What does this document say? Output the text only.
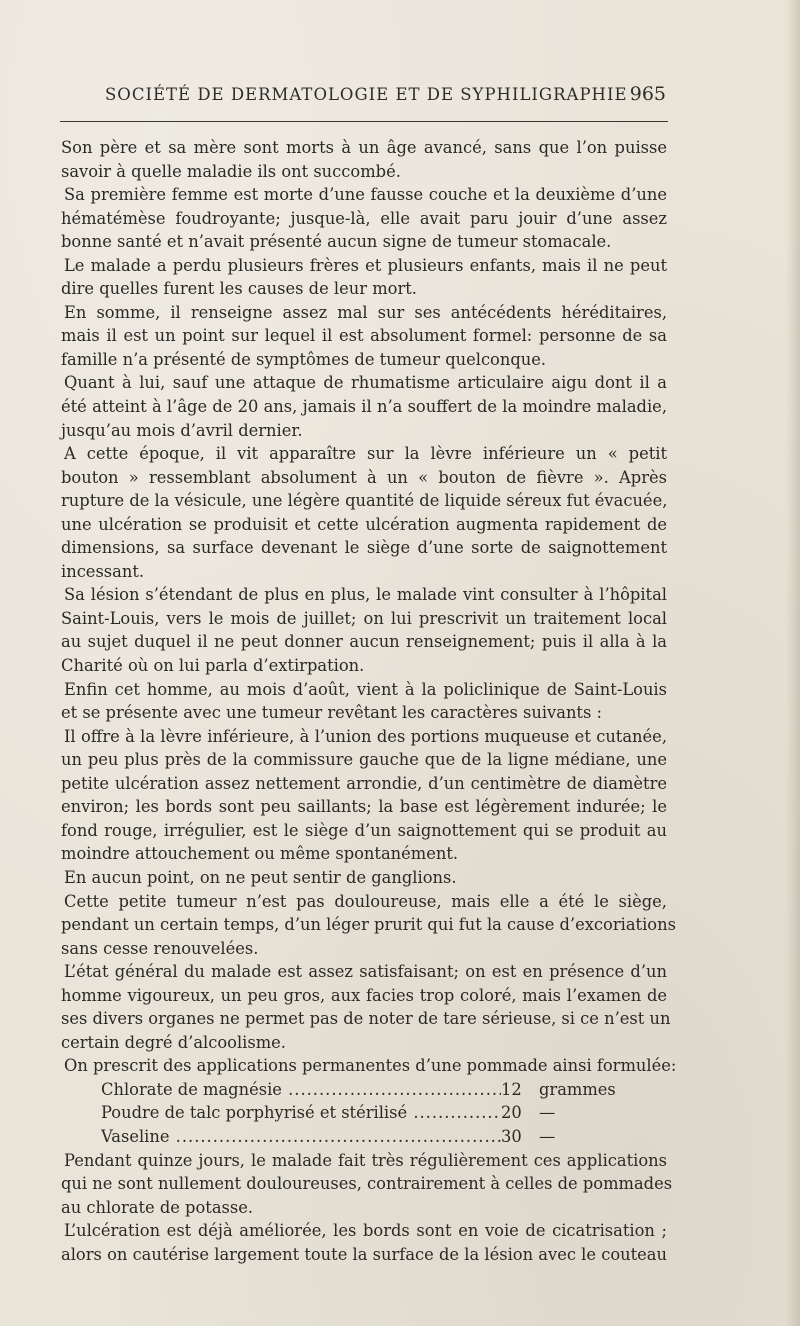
SOCIÉTÉ DE DERMATOLOGIE ET DE SYPHILIGRAPHIE 965

Son père et sa mère sont morts à un âge avancé, sans que l’on puisse
savoir à quelle maladie ils ont succombé.

Sa première femme est morte d’une fausse couche et la deuxième d’une
hématémèse foudroyante; jusque-là, elle avait paru jouir d’une assez
bonne santé et n’avait présenté aucun signe de tumeur stomacale.

Le malade a perdu plusieurs frères et plusieurs enfants, mais il ne peut
dire quelles furent les causes de leur mort.

En somme, il renseigne assez mal sur ses antécédents héréditaires,
mais il est un point sur lequel il est absolument formel: personne de sa
famille n’a présenté de symptômes de tumeur quelconque.

Quant à lui, sauf une attaque de rhumatisme articulaire aigu dont il a
été atteint à l’âge de 20 ans, jamais il n’a souffert de la moindre maladie,
jusqu’au mois d’avril dernier.

A cette époque, il vit apparaître sur la lèvre inférieure un « petit
bouton » ressemblant absolument à un « bouton de fièvre ». Après
rupture de la vésicule, une légère quantité de liquide séreux fut évacuée,
une ulcération se produisit et cette ulcération augmenta rapidement de
dimensions, sa surface devenant le siège d’une sorte de saignottement
incessant.

Sa lésion s’étendant de plus en plus, le malade vint consulter à l’hôpital
Saint-Louis, vers le mois de juillet; on lui prescrivit un traitement local
au sujet duquel il ne peut donner aucun renseignement; puis il alla à la
Charité où on lui parla d’extirpation.

Enfin cet homme, au mois d’août, vient à la policlinique de Saint-Louis
et se présente avec une tumeur revêtant les caractères suivants :

Il offre à la lèvre inférieure, à l’union des portions muqueuse et cutanée,
un peu plus près de la commissure gauche que de la ligne médiane, une
petite ulcération assez nettement arrondie, d’un centimètre de diamètre
environ; les bords sont peu saillants; la base est légèrement indurée; le
fond rouge, irrégulier, est le siège d’un saignottement qui se produit au
moindre attouchement ou même spontanément.

En aucun point, on ne peut sentir de ganglions.

Cette petite tumeur n’est pas douloureuse, mais elle a été le siège,
pendant un certain temps, d’un léger prurit qui fut la cause d’excoriations
sans cesse renouvelées.

L’état général du malade est assez satisfaisant; on est en présence d’un
homme vigoureux, un peu gros, aux facies trop coloré, mais l’examen de
ses divers organes ne permet pas de noter de tare sérieuse, si ce n’est un
certain degré d’alcoolisme.

On prescrit des applications permanentes d’une pommade ainsi formulée:

Chlorate de magnésie .....	12	grammes
Poudre de talc porphyrisé et stérilisé .....	20	—
Vaseline .....	30	—

Pendant quinze jours, le malade fait très régulièrement ces applications
qui ne sont nullement douloureuses, contrairement à celles de pommades
au chlorate de potasse.

L’ulcération est déjà améliorée, les bords sont en voie de cicatrisation ;
alors on cautérise largement toute la surface de la lésion avec le couteau
